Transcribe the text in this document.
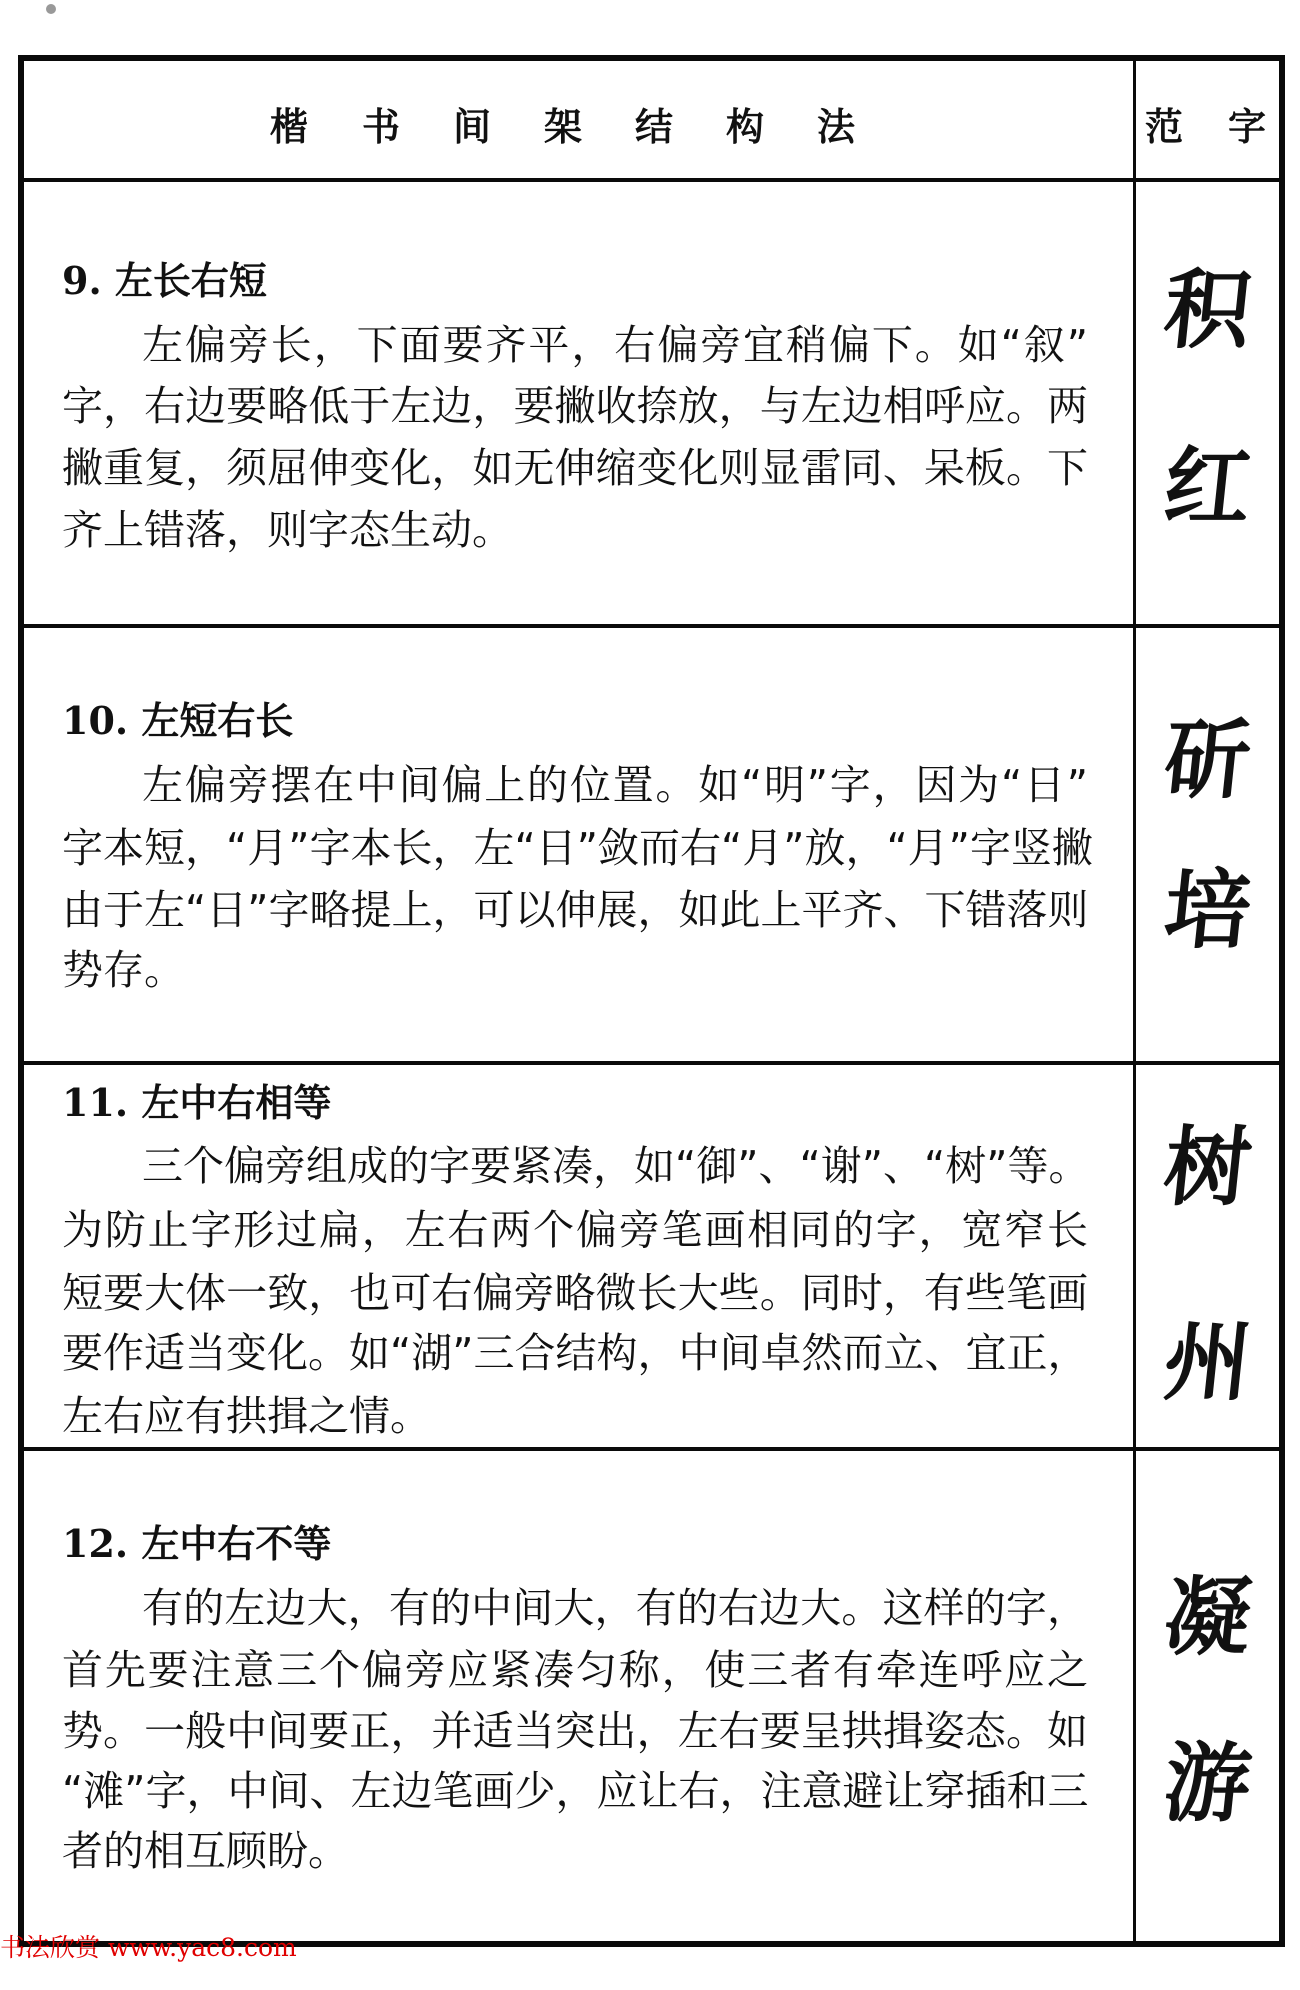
楷 书 间 架 结 构 法	范 字
9. 左长右短
左偏旁长，下面要齐平，右偏旁宜稍偏下。如“叙”
字，右边要略低于左边，要撇收捺放，与左边相呼应。两
撇重复，须屈伸变化，如无伸缩变化则显雷同、呆板。下
齐上错落，则字态生动。
积
红
10. 左短右长
左偏旁摆在中间偏上的位置。如“明”字，因为“日”
字本短，“月”字本长，左“日”敛而右“月”放，“月”字竖撇
由于左“日”字略提上，可以伸展，如此上平齐、下错落则
势存。
斫
培
11. 左中右相等
三个偏旁组成的字要紧凑，如“御”、“谢”、“树”等。
为防止字形过扁，左右两个偏旁笔画相同的字，宽窄长
短要大体一致，也可右偏旁略微长大些。同时，有些笔画
要作适当变化。如“湖”三合结构，中间卓然而立、宜正，
树
左右应有拱揖之情。
州
12. 左中右不等
有的左边大，有的中间大，有的右边大。这样的字，
首先要注意三个偏旁应紧凑匀称，使三者有牵连呼应之
势。一般中间要正，并适当突出，左右要呈拱揖姿态。如
“滩”字，中间、左边笔画少，应让右，注意避让穿插和三
者的相互顾盼。
凝
游
书法欣赏 www.yac8.com
